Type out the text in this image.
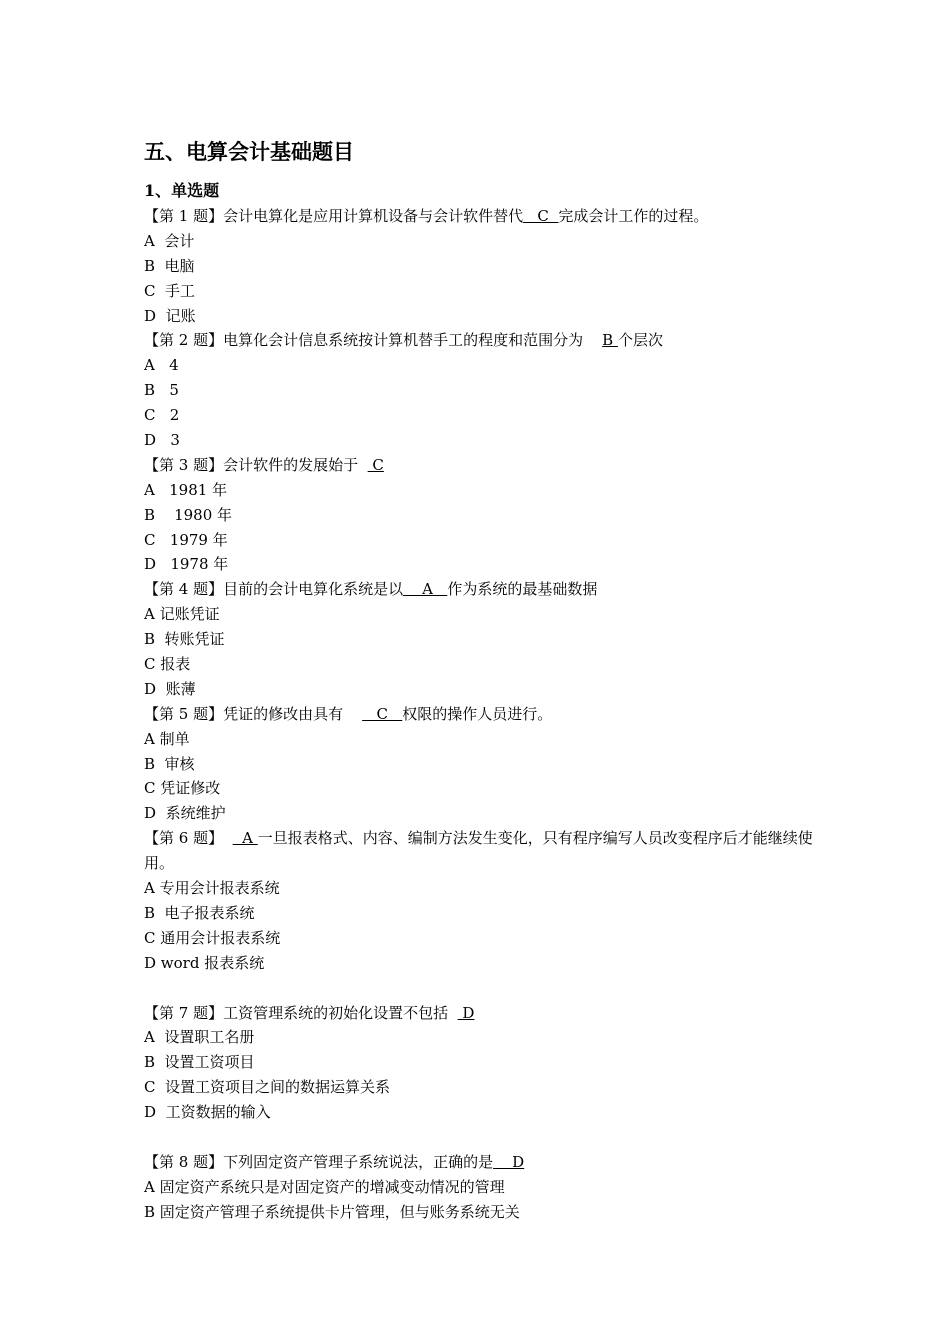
五、电算会计基础题目
1、单选题
【第 1 题】会计电算化是应用计算机设备与会计软件替代   C  完成会计工作的过程。
A  会计
B  电脑
C  手工
D  记账
【第 2 题】电算化会计信息系统按计算机替手工的程度和范围分为    B 个层次
A   4
B   5
C   2
D   3
【第 3 题】会计软件的发展始于   C
A   1981 年
B    1980 年
C   1979 年
D   1978 年
【第 4 题】目前的会计电算化系统是以    A   作为系统的最基础数据
A 记账凭证
B  转账凭证
C 报表
D  账薄
【第 5 题】凭证的修改由具有       C   权限的操作人员进行。
A 制单
B  审核
C 凭证修改
D  系统维护
【第 6 题】    A 一旦报表格式、内容、编制方法发生变化，只有程序编写人员改变程序后才能继续使用。
A 专用会计报表系统
B  电子报表系统
C 通用会计报表系统
D word 报表系统
【第 7 题】工资管理系统的初始化设置不包括   D
A  设置职工名册
B  设置工资项目
C  设置工资项目之间的数据运算关系
D  工资数据的输入
【第 8 题】下列固定资产管理子系统说法，正确的是    D
A 固定资产系统只是对固定资产的增减变动情况的管理
B 固定资产管理子系统提供卡片管理，但与账务系统无关
